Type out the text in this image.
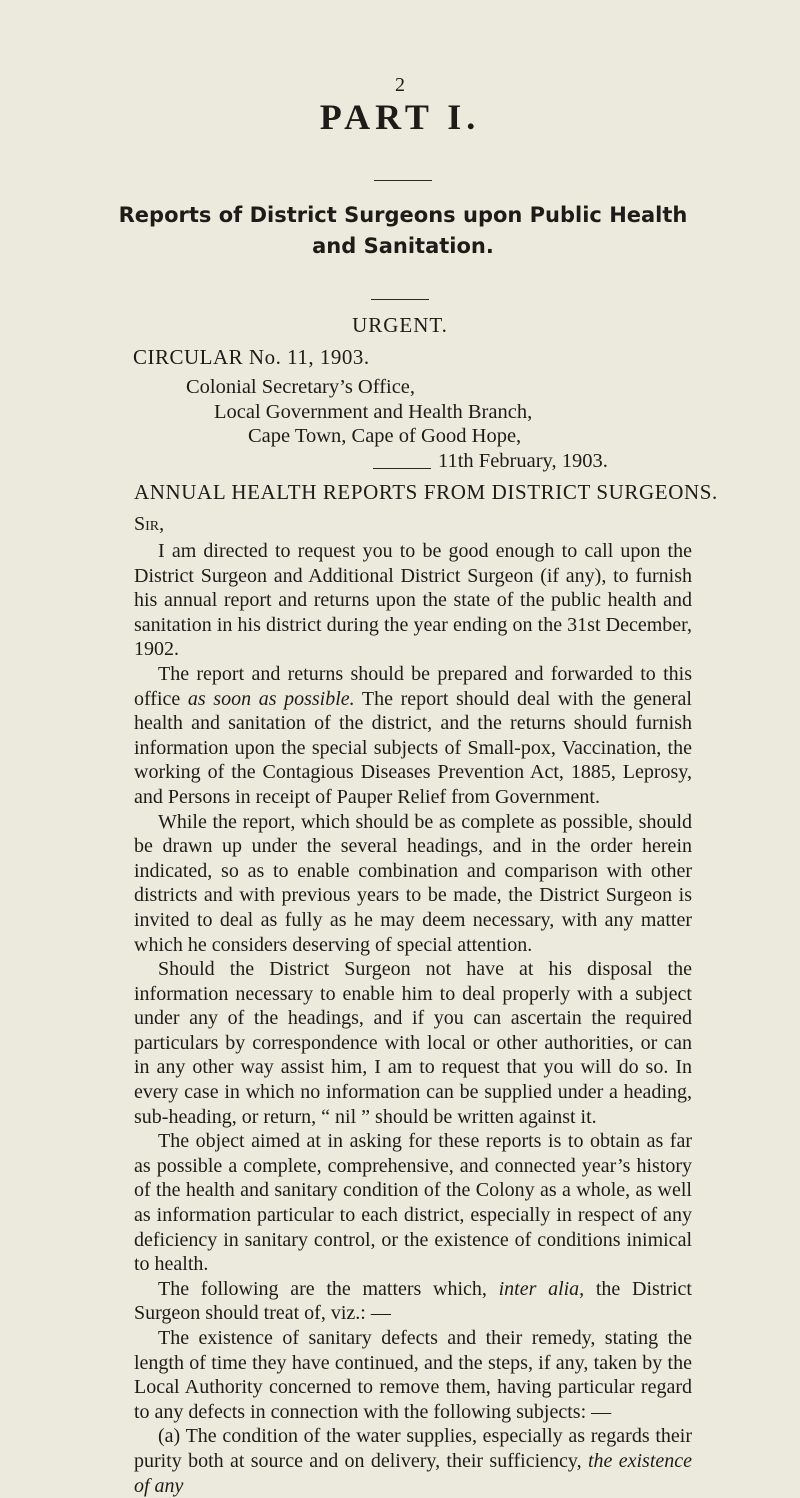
2
PART I.
Reports of District Surgeons upon Public Health and Sanitation.
URGENT.
CIRCULAR No. 11, 1903.
Colonial Secretary’s Office,
Local Government and Health Branch,
Cape Town, Cape of Good Hope,
11th February, 1903.
ANNUAL HEALTH REPORTS FROM DISTRICT SURGEONS.
Sir,

I am directed to request you to be good enough to call upon the District Surgeon and Additional District Surgeon (if any), to furnish his annual report and returns upon the state of the public health and sanitation in his district during the year ending on the 31st December, 1902.

The report and returns should be prepared and forwarded to this office as soon as possible. The report should deal with the general health and sanitation of the district, and the returns should furnish information upon the special subjects of Small-pox, Vaccination, the working of the Contagious Diseases Prevention Act, 1885, Leprosy, and Persons in receipt of Pauper Relief from Government.

While the report, which should be as complete as possible, should be drawn up under the several headings, and in the order herein indicated, so as to enable combination and comparison with other districts and with previous years to be made, the District Surgeon is invited to deal as fully as he may deem necessary, with any matter which he considers deserving of special attention.

Should the District Surgeon not have at his disposal the information necessary to enable him to deal properly with a subject under any of the headings, and if you can ascertain the required particulars by correspondence with local or other authorities, or can in any other way assist him, I am to request that you will do so. In every case in which no information can be supplied under a heading, sub-heading, or return, “ nil ” should be written against it.

The object aimed at in asking for these reports is to obtain as far as possible a complete, comprehensive, and connected year’s history of the health and sanitary condition of the Colony as a whole, as well as information particular to each district, especially in respect of any deficiency in sanitary control, or the existence of conditions inimical to health.

The following are the matters which, inter alia, the District Surgeon should treat of, viz.: —

The existence of sanitary defects and their remedy, stating the length of time they have continued, and the steps, if any, taken by the Local Authority concerned to remove them, having particular regard to any defects in connection with the following subjects: —

(a) The condition of the water supplies, especially as regards their purity both at source and on delivery, their sufficiency, the existence of any
